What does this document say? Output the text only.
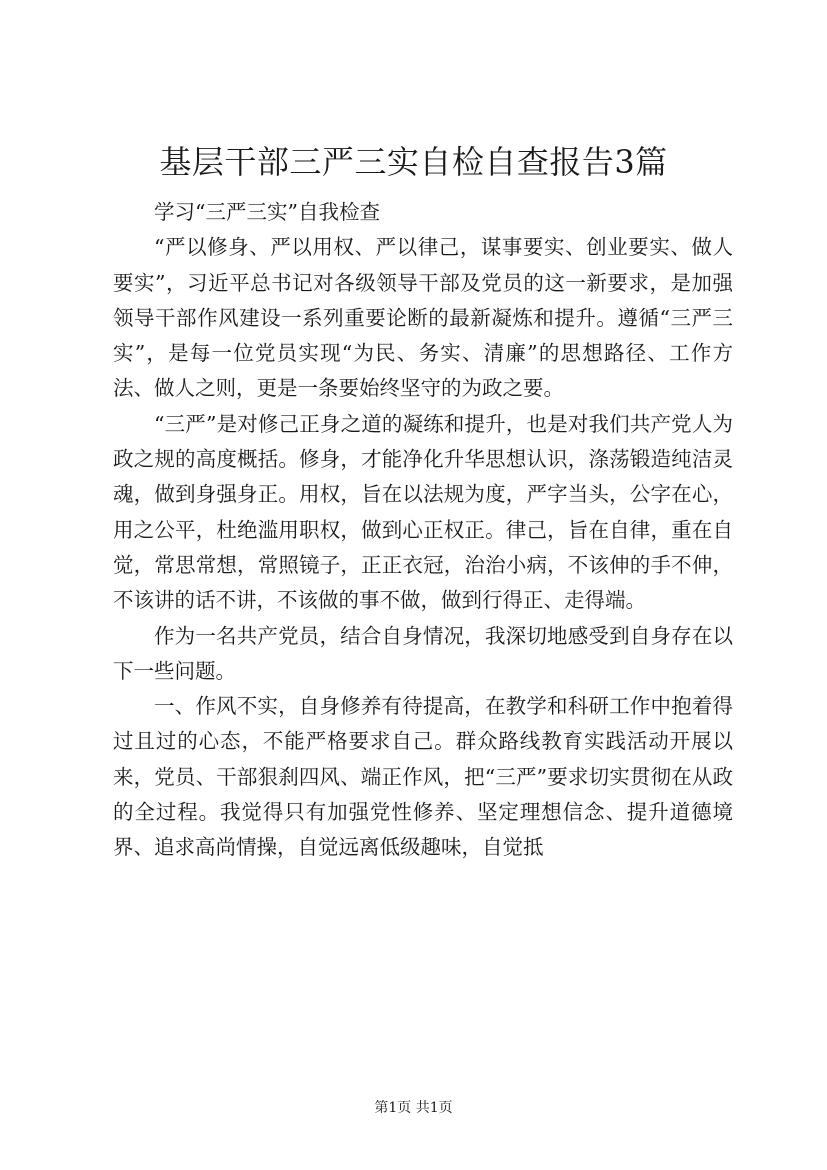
基层干部三严三实自检自查报告3篇

学习“三严三实”自我检查

“严以修身、严以用权、严以律己，谋事要实、创业要实、做人要实”，习近平总书记对各级领导干部及党员的这一新要求，是加强领导干部作风建设一系列重要论断的最新凝炼和提升。遵循“三严三实”，是每一位党员实现“为民、务实、清廉”的思想路径、工作方法、做人之则，更是一条要始终坚守的为政之要。

“三严”是对修己正身之道的凝练和提升，也是对我们共产党人为政之规的高度概括。修身，才能净化升华思想认识，涤荡锻造纯洁灵魂，做到身强身正。用权，旨在以法规为度，严字当头，公字在心，用之公平，杜绝滥用职权，做到心正权正。律己，旨在自律，重在自觉，常思常想，常照镜子，正正衣冠，治治小病，不该伸的手不伸，不该讲的话不讲，不该做的事不做，做到行得正、走得端。

作为一名共产党员，结合自身情况，我深切地感受到自身存在以下一些问题。

一、作风不实，自身修养有待提高，在教学和科研工作中抱着得过且过的心态，不能严格要求自己。群众路线教育实践活动开展以来，党员、干部狠刹四风、端正作风，把“三严”要求切实贯彻在从政的全过程。我觉得只有加强党性修养、坚定理想信念、提升道德境界、追求高尚情操，自觉远离低级趣味，自觉抵

第1页 共1页
